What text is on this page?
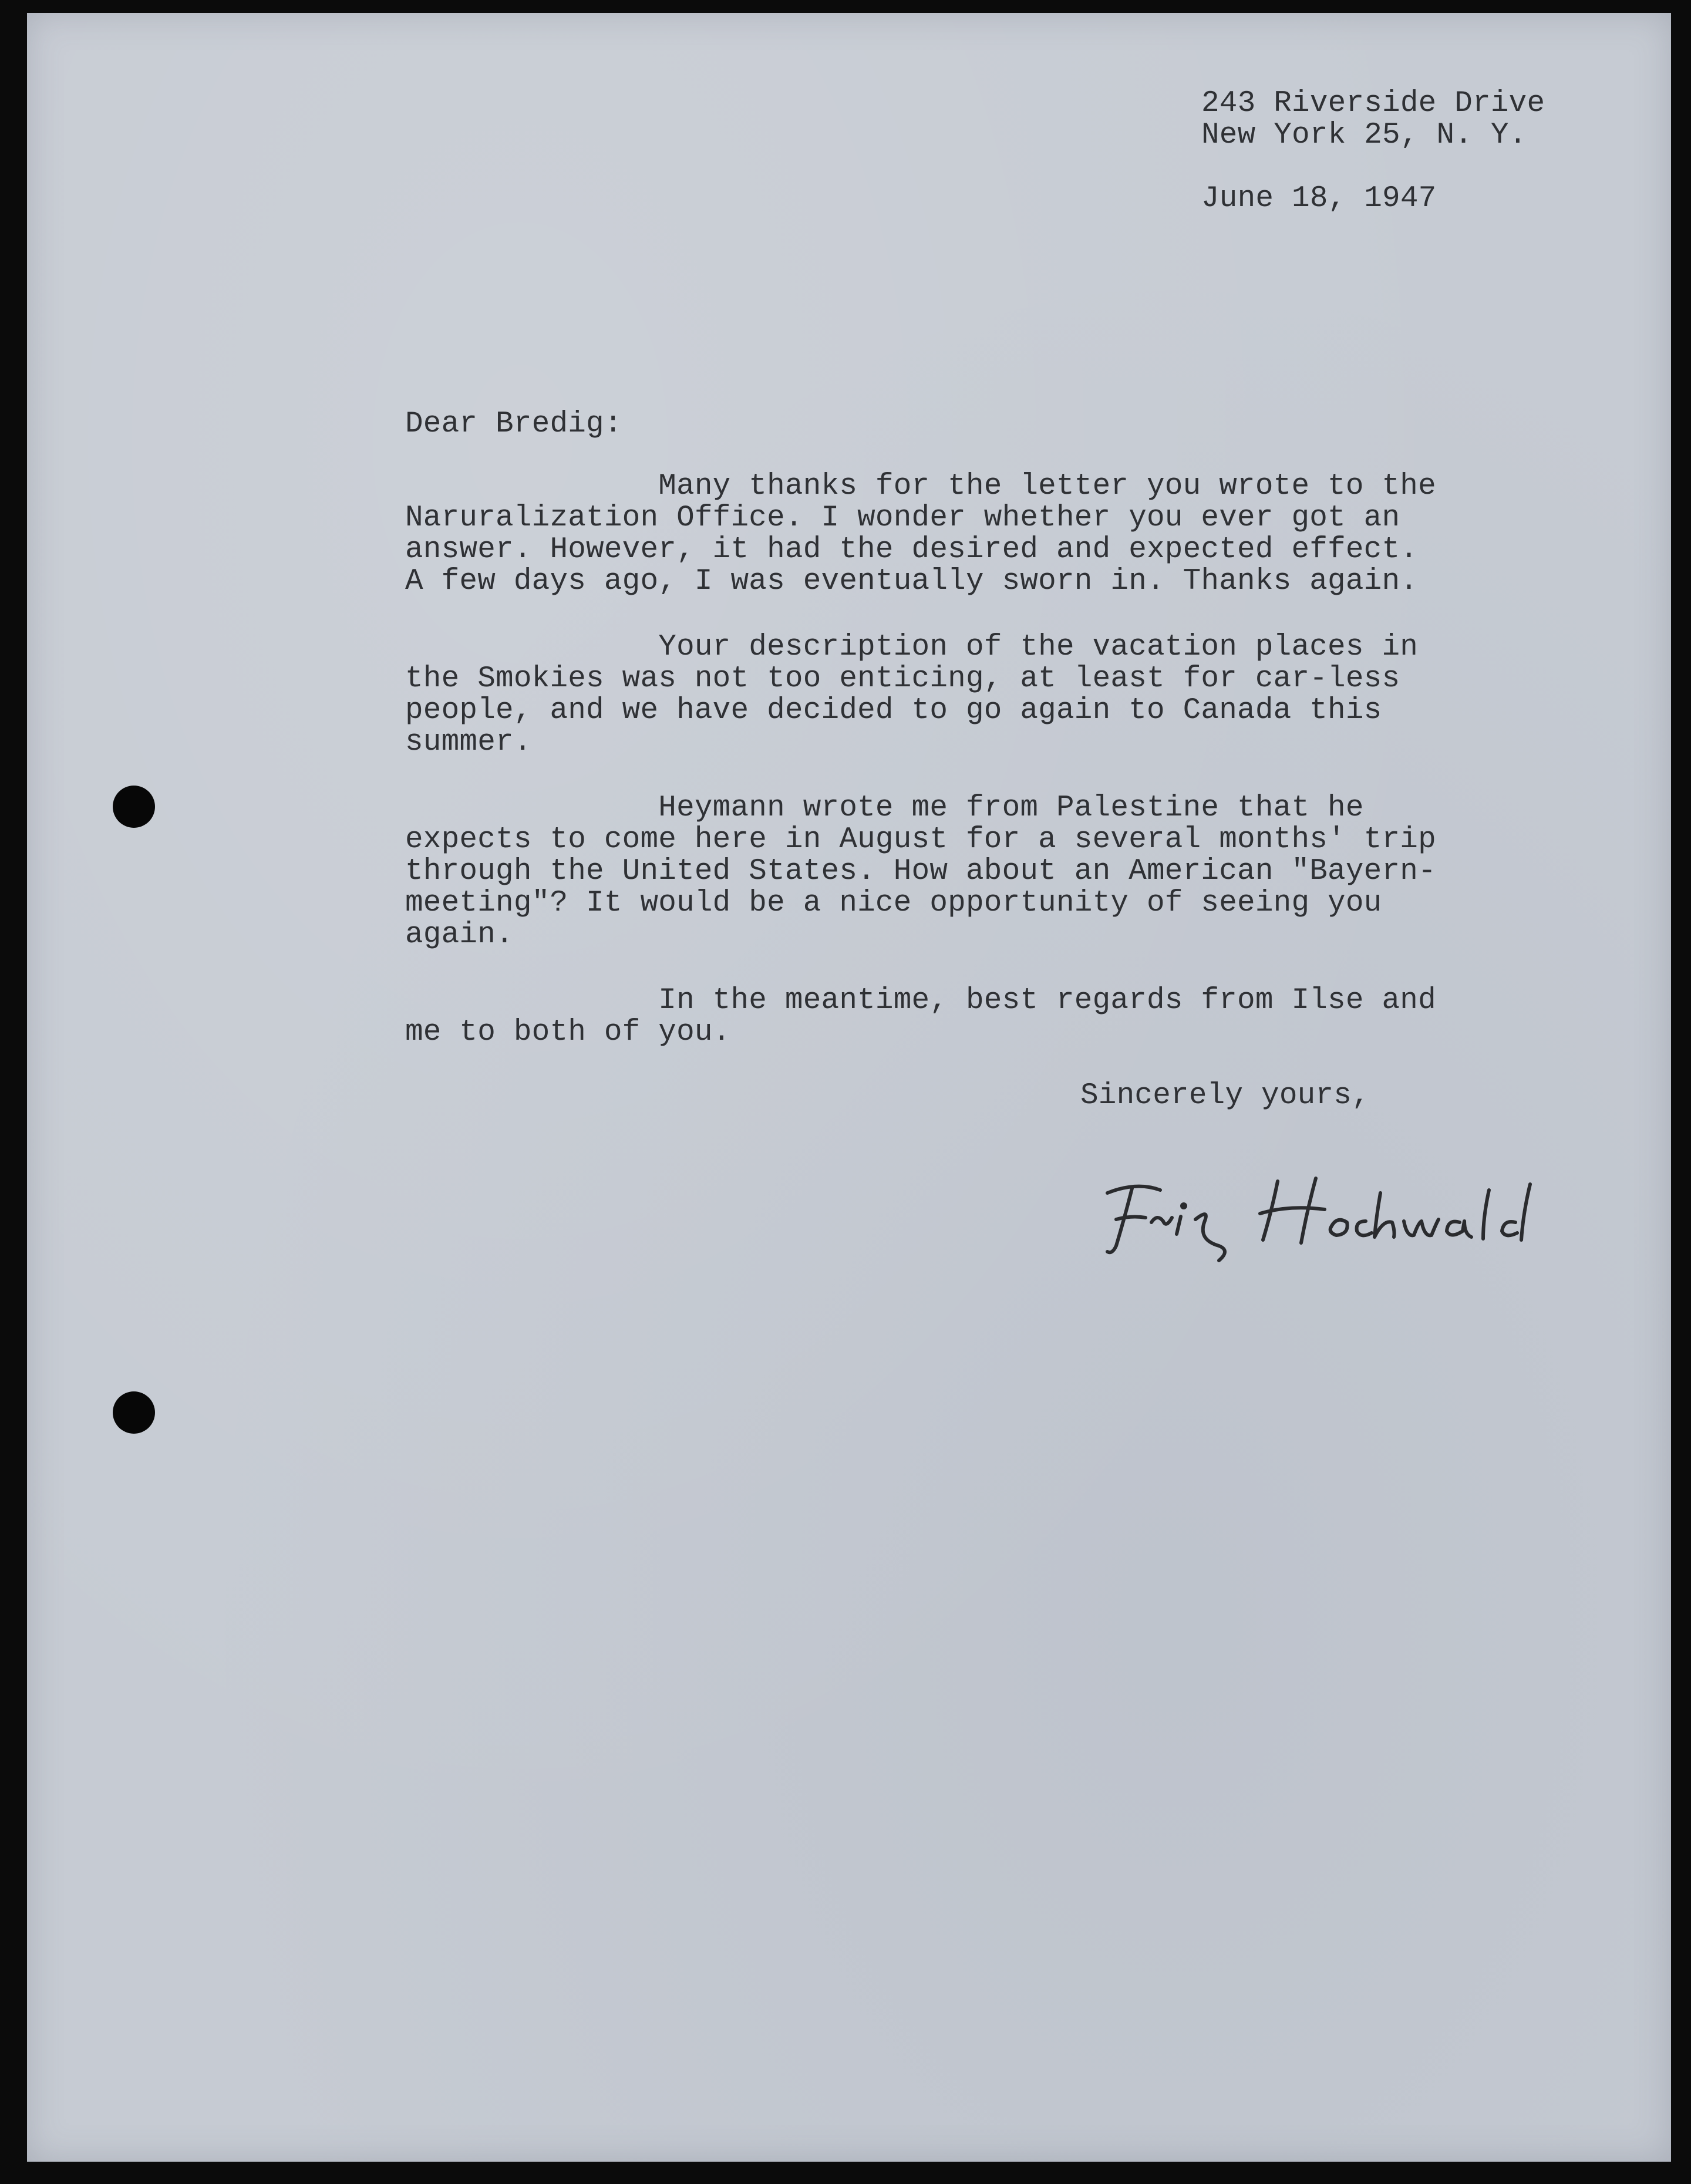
243 Riverside Drive
New York 25, N. Y.
June 18, 1947
Dear Bredig:
Many thanks for the letter you wrote to the
Naruralization Office. I wonder whether you ever got an
answer. However, it had the desired and expected effect.
A few days ago, I was eventually sworn in. Thanks again.
Your description of the vacation places in
the Smokies was not too enticing, at least for car-less
people, and we have decided to go again to Canada this
summer.
Heymann wrote me from Palestine that he
expects to come here in August for a several months' trip
through the United States. How about an American "Bayern-
meeting"? It would be a nice opportunity of seeing you
again.
In the meantime, best regards from Ilse and
me to both of you.
Sincerely yours,
